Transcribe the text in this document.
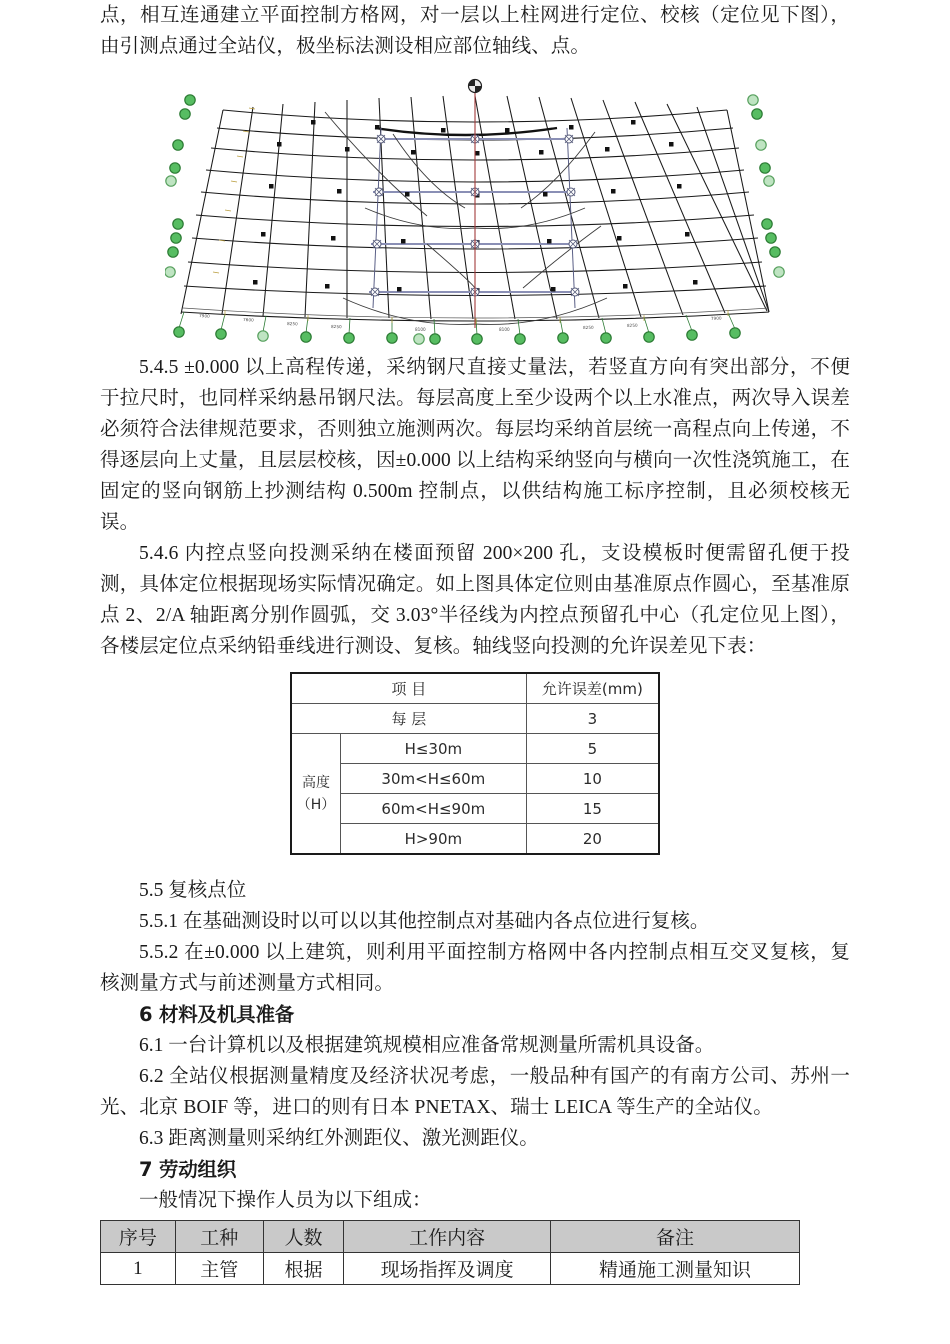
点，相互连通建立平面控制方格网，对一层以上柱网进行定位、校核（定位见下图），由引测点通过全站仪，极坐标法测设相应部位轴线、点。

7900
7600
8250
8250
8100	8100	8250	8250
7900

5.4.5 ±0.000 以上高程传递，采纳钢尺直接丈量法，若竖直方向有突出部分，不便于拉尺时，也同样采纳悬吊钢尺法。每层高度上至少设两个以上水准点，两次导入误差必须符合法律规范要求，否则独立施测两次。每层均采纳首层统一高程点向上传递，不得逐层向上丈量，且层层校核，因±0.000 以上结构采纳竖向与横向一次性浇筑施工，在固定的竖向钢筋上抄测结构 0.500m 控制点，以供结构施工标序控制，且必须校核无误。

5.4.6 内控点竖向投测采纳在楼面预留 200×200 孔，支设模板时便需留孔便于投测，具体定位根据现场实际情况确定。如上图具体定位则由基准原点作圆心，至基准原点 2、2/A 轴距离分别作圆弧，交 3.03°半径线为内控点预留孔中心（孔定位见上图），各楼层定位点采纳铅垂线进行测设、复核。轴线竖向投测的允许误差见下表：

项 目		允许误差(mm)
每 层		3
高度
（H）	H≤30m	5
	30m<H≤60m	10
	60m<H≤90m	15
	H>90m	20

5.5 复核点位

5.5.1 在基础测设时以可以以其他控制点对基础内各点位进行复核。

5.5.2 在±0.000 以上建筑，则利用平面控制方格网中各内控制点相互交叉复核，复核测量方式与前述测量方式相同。

6 材料及机具准备

6.1 一台计算机以及根据建筑规模相应准备常规测量所需机具设备。

6.2 全站仪根据测量精度及经济状况考虑，一般品种有国产的有南方公司、苏州一光、北京 BOIF 等，进口的则有日本 PNETAX、瑞士 LEICA 等生产的全站仪。

6.3 距离测量则采纳红外测距仪、激光测距仪。

7 劳动组织

一般情况下操作人员为以下组成：

序号	工种	人数	工作内容	备注
1	主管	根据	现场指挥及调度	精通施工测量知识
